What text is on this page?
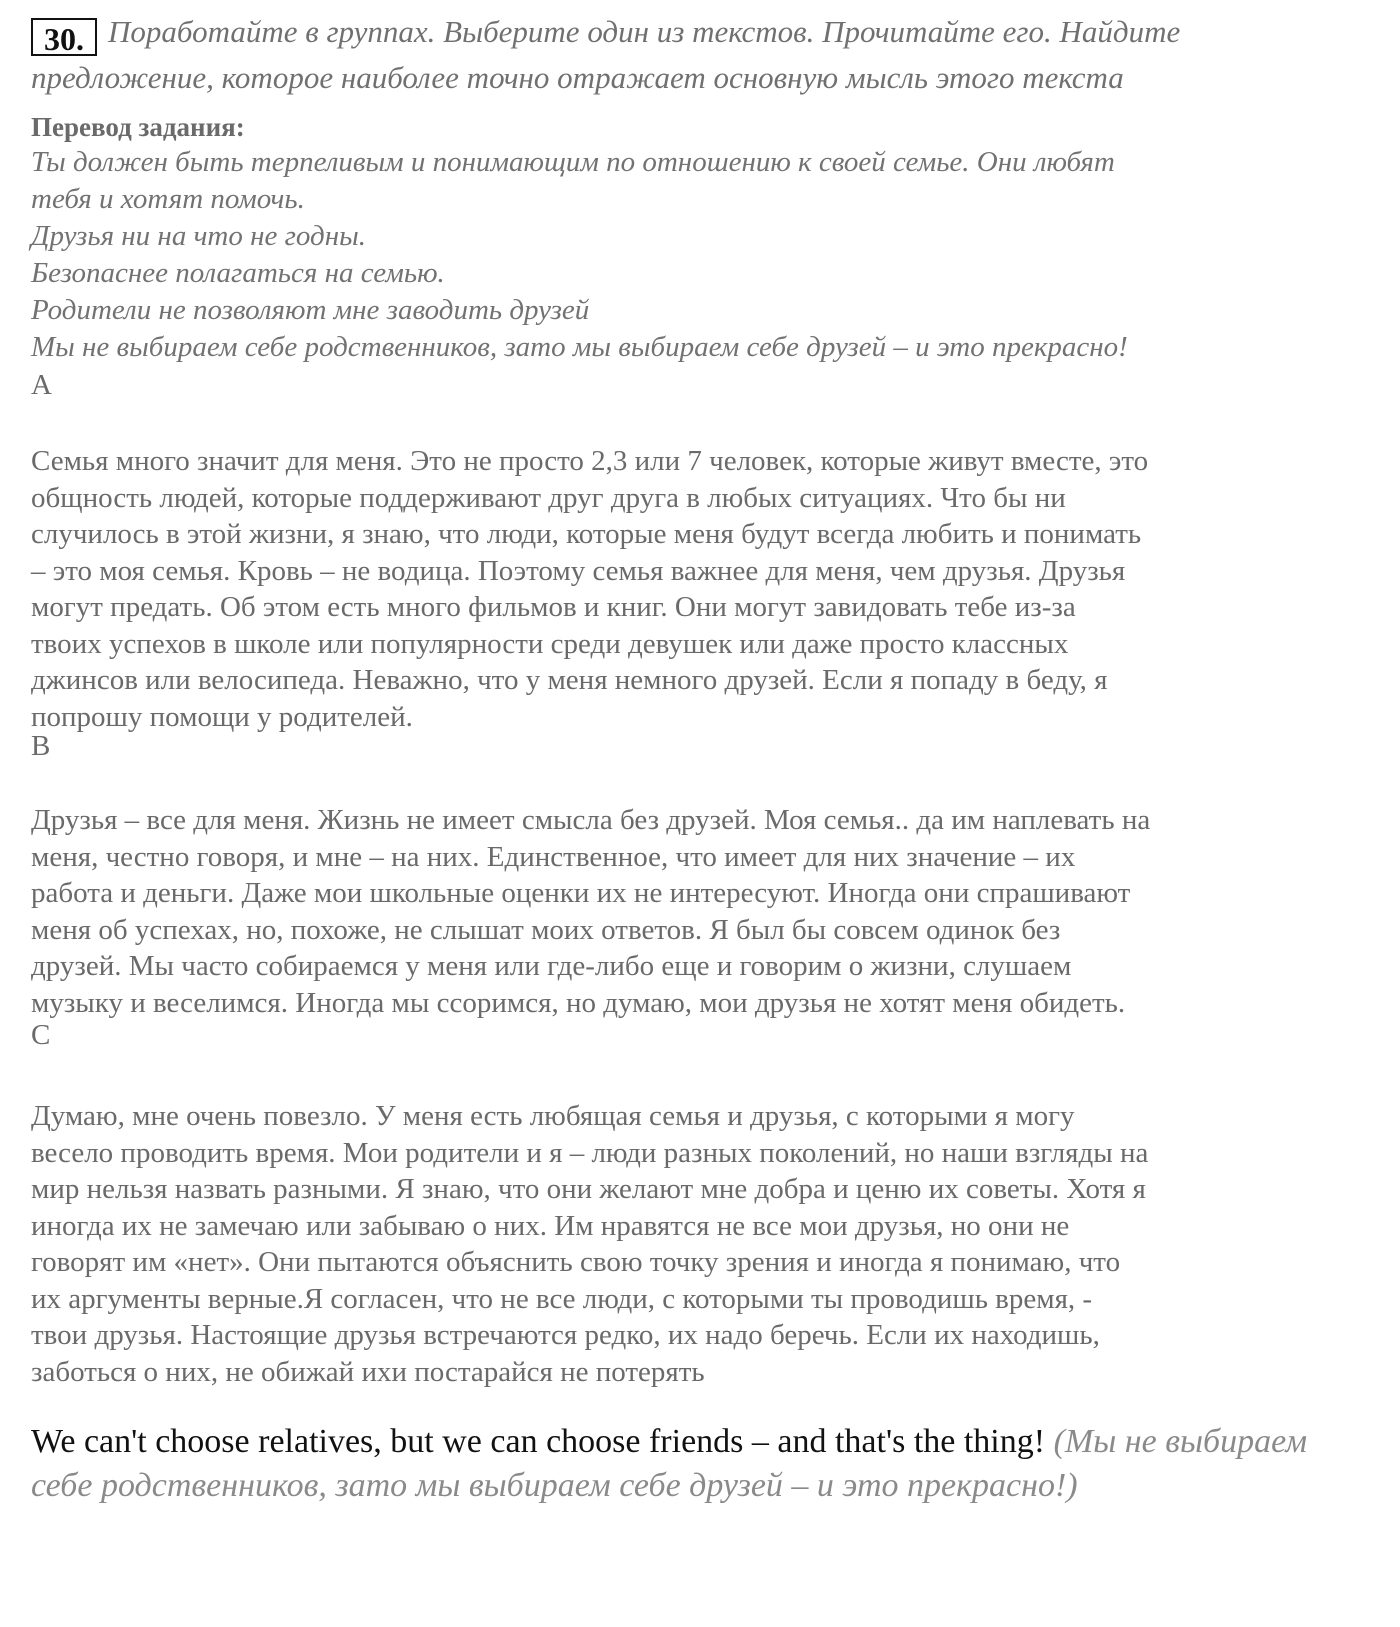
30. Поработайте в группах. Выберите один из текстов. Прочитайте его. Найдите
предложение, которое наиболее точно отражает основную мысль этого текста
Перевод задания:
Ты должен быть терпеливым и понимающим по отношению к своей семье. Они любят
тебя и хотят помочь.
Друзья ни на что не годны.
Безопаснее полагаться на семью.
Родители не позволяют мне заводить друзей
Мы не выбираем себе родственников, зато мы выбираем себе друзей – и это прекрасно!
A
Семья много значит для меня. Это не просто 2,3 или 7 человек, которые живут вместе, это
общность людей, которые поддерживают друг друга в любых ситуациях. Что бы ни
случилось в этой жизни, я знаю, что люди, которые меня будут всегда любить и понимать
– это моя семья. Кровь – не водица. Поэтому семья важнее для меня, чем друзья. Друзья
могут предать. Об этом есть много фильмов и книг. Они могут завидовать тебе из-за
твоих успехов в школе или популярности среди девушек или даже просто классных
джинсов или велосипеда. Неважно, что у меня немного друзей. Если я попаду в беду, я
попрошу помощи у родителей.
B
Друзья – все для меня. Жизнь не имеет смысла без друзей. Моя семья.. да им наплевать на
меня, честно говоря, и мне – на них. Единственное, что имеет для них значение – их
работа и деньги. Даже мои школьные оценки их не интересуют. Иногда они спрашивают
меня об успехах, но, похоже, не слышат моих ответов. Я был бы совсем одинок без
друзей. Мы часто собираемся у меня или где-либо еще и говорим о жизни, слушаем
музыку и веселимся. Иногда мы ссоримся, но думаю, мои друзья не хотят меня обидеть.
C
Думаю, мне очень повезло. У меня есть любящая семья и друзья, с которыми я могу
весело проводить время. Мои родители и я – люди разных поколений, но наши взгляды на
мир нельзя назвать разными. Я знаю, что они желают мне добра и ценю их советы. Хотя я
иногда их не замечаю или забываю о них. Им нравятся не все мои друзья, но они не
говорят им «нет». Они пытаются объяснить свою точку зрения и иногда я понимаю, что
их аргументы верные.Я согласен, что не все люди, с которыми ты проводишь время, -
твои друзья. Настоящие друзья встречаются редко, их надо беречь. Если их находишь,
заботься о них, не обижай ихи постарайся не потерять
We can't choose relatives, but we can choose friends – and that's the thing! (Мы не выбираем себе родственников, зато мы выбираем себе друзей – и это прекрасно!)
